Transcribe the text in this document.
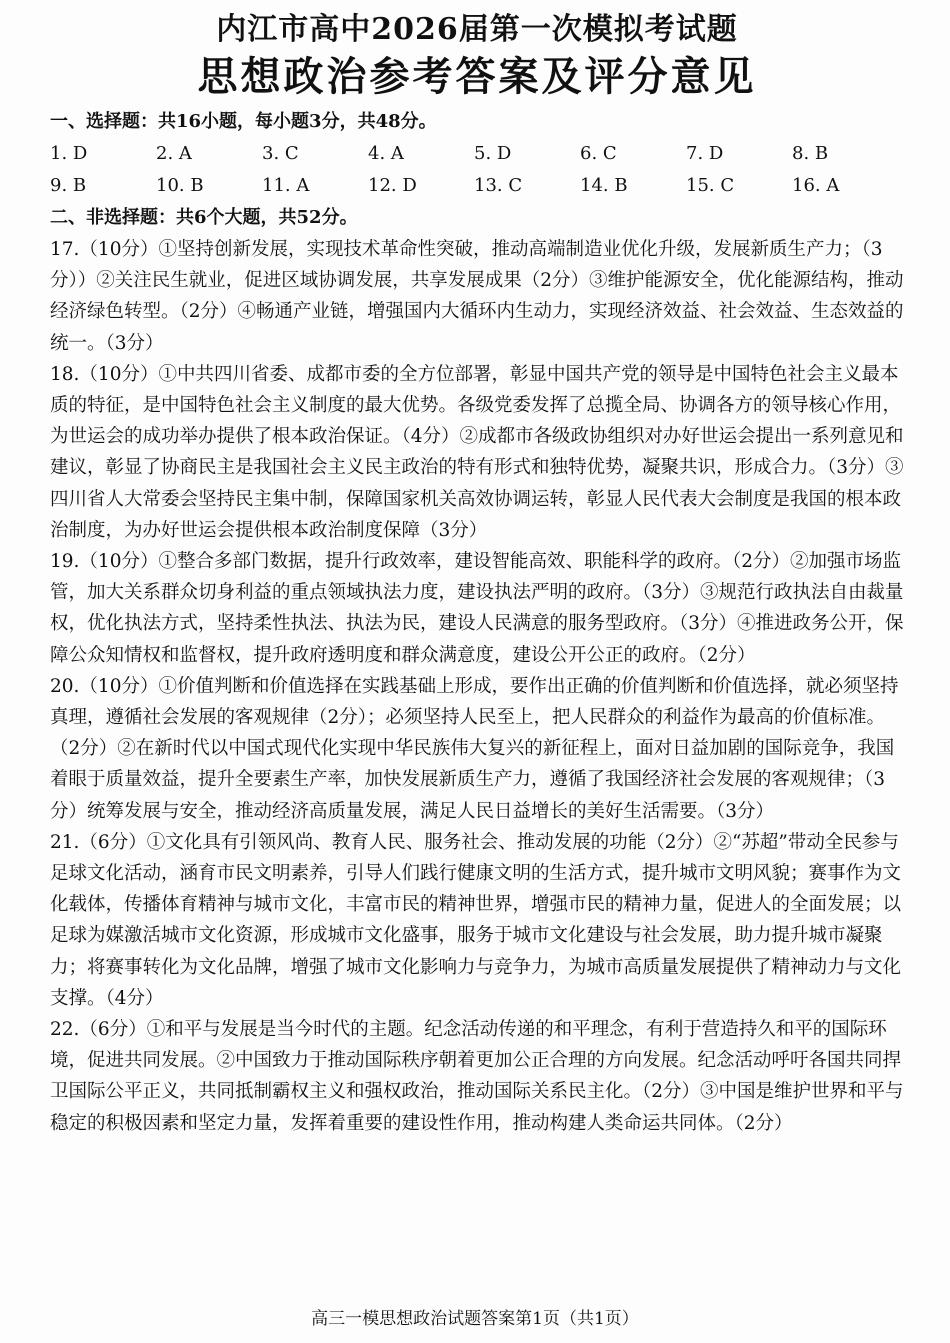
内江市高中2026届第一次模拟考试题
思想政治参考答案及评分意见
一、选择题：共16小题，每小题3分，共48分。
1. D	2. A	3. C	4. A	5. D	6. C	7. D	8. B
9. B	10. B	11. A	12. D	13. C	14. B	15. C	16. A
二、非选择题：共6个大题，共52分。
17.（10分）①坚持创新发展，实现技术革命性突破，推动高端制造业优化升级，发展新质生产力；（3分））②关注民生就业，促进区域协调发展，共享发展成果（2分）③维护能源安全，优化能源结构，推动经济绿色转型。（2分）④畅通产业链，增强国内大循环内生动力，实现经济效益、社会效益、生态效益的统一。（3分）
18.（10分）①中共四川省委、成都市委的全方位部署，彰显中国共产党的领导是中国特色社会主义最本质的特征，是中国特色社会主义制度的最大优势。各级党委发挥了总揽全局、协调各方的领导核心作用，为世运会的成功举办提供了根本政治保证。（4分）②成都市各级政协组织对办好世运会提出一系列意见和建议，彰显了协商民主是我国社会主义民主政治的特有形式和独特优势，凝聚共识，形成合力。（3分）③四川省人大常委会坚持民主集中制，保障国家机关高效协调运转，彰显人民代表大会制度是我国的根本政治制度，为办好世运会提供根本政治制度保障（3分）
19.（10分）①整合多部门数据，提升行政效率，建设智能高效、职能科学的政府。（2分）②加强市场监管，加大关系群众切身利益的重点领域执法力度，建设执法严明的政府。（3分）③规范行政执法自由裁量权，优化执法方式，坚持柔性执法、执法为民，建设人民满意的服务型政府。（3分）④推进政务公开，保障公众知情权和监督权，提升政府透明度和群众满意度，建设公开公正的政府。（2分）
20.（10分）①价值判断和价值选择在实践基础上形成，要作出正确的价值判断和价值选择，就必须坚持真理，遵循社会发展的客观规律（2分）；必须坚持人民至上，把人民群众的利益作为最高的价值标准。（2分）②在新时代以中国式现代化实现中华民族伟大复兴的新征程上，面对日益加剧的国际竞争，我国着眼于质量效益，提升全要素生产率，加快发展新质生产力，遵循了我国经济社会发展的客观规律；（3分）统筹发展与安全，推动经济高质量发展，满足人民日益增长的美好生活需要。（3分）
21.（6分）①文化具有引领风尚、教育人民、服务社会、推动发展的功能（2分）②“苏超”带动全民参与足球文化活动，涵育市民文明素养，引导人们践行健康文明的生活方式，提升城市文明风貌；赛事作为文化载体，传播体育精神与城市文化，丰富市民的精神世界，增强市民的精神力量，促进人的全面发展；以足球为媒激活城市文化资源，形成城市文化盛事，服务于城市文化建设与社会发展，助力提升城市凝聚力；将赛事转化为文化品牌，增强了城市文化影响力与竞争力，为城市高质量发展提供了精神动力与文化支撑。（4分）
22.（6分）①和平与发展是当今时代的主题。纪念活动传递的和平理念，有利于营造持久和平的国际环境，促进共同发展。②中国致力于推动国际秩序朝着更加公正合理的方向发展。纪念活动呼吁各国共同捍卫国际公平正义，共同抵制霸权主义和强权政治，推动国际关系民主化。（2分）③中国是维护世界和平与稳定的积极因素和坚定力量，发挥着重要的建设性作用，推动构建人类命运共同体。（2分）
高三一模思想政治试题答案第1页（共1页）
